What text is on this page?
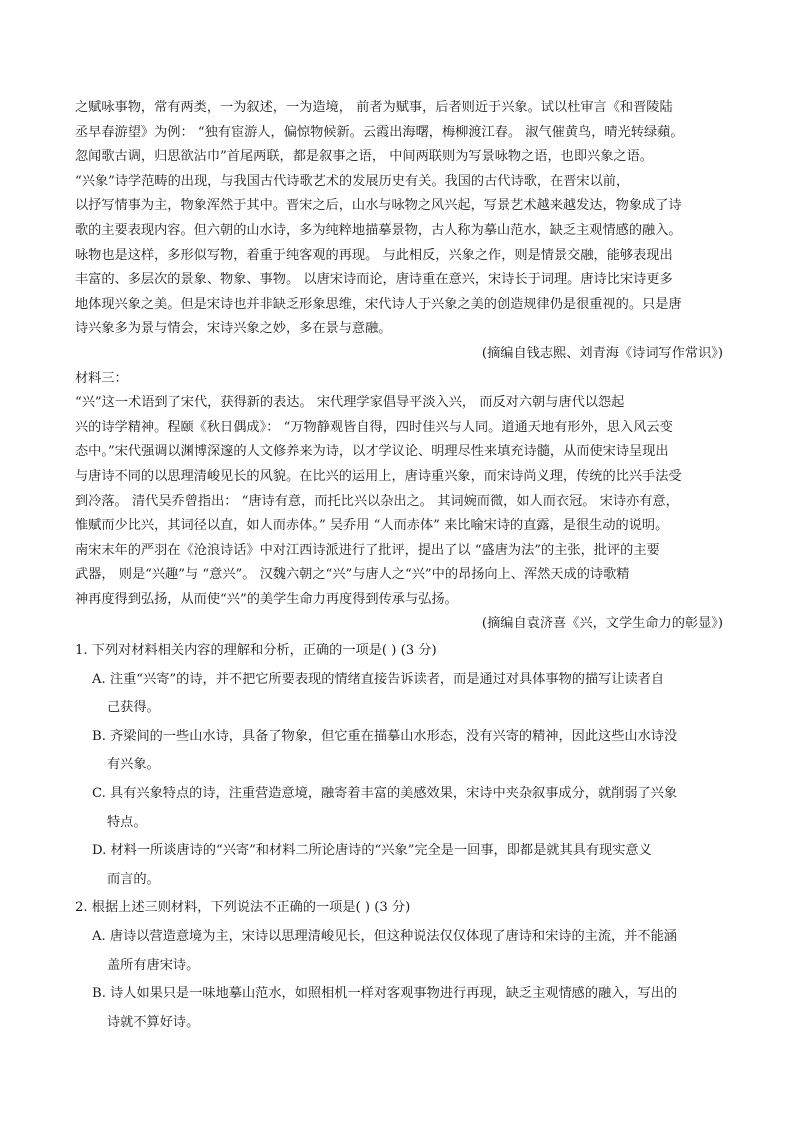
之赋咏事物，常有两类，一为叙述，一为造境， 前者为赋事，后者则近于兴象。试以杜审言《和晋陵陆
丞早春游望》为例： “独有宦游人，偏惊物候新。云霞出海曙，梅柳渡江春。 淑气催黄鸟，晴光转绿蘋。
忽闻歌古调，归思欲沾巾”首尾两联，都是叙事之语， 中间两联则为写景咏物之语，也即兴象之语。
“兴象”诗学范畴的出现，与我国古代诗歌艺术的发展历史有关。我国的古代诗歌，在晋宋以前，
以抒写情事为主，物象浑然于其中。晋宋之后，山水与咏物之风兴起，写景艺术越来越发达，物象成了诗
歌的主要表现内容。但六朝的山水诗，多为纯粹地描摹景物，古人称为摹山范水，缺乏主观情感的融入。
咏物也是这样，多形似写物，着重于纯客观的再现。 与此相反，兴象之作，则是情景交融，能够表现出
丰富的、多层次的景象、物象、事物。 以唐宋诗而论，唐诗重在意兴，宋诗长于词理。唐诗比宋诗更多
地体现兴象之美。但是宋诗也并非缺乏形象思维，宋代诗人于兴象之美的创造规律仍是很重视的。只是唐
诗兴象多为景与情会，宋诗兴象之妙，多在景与意融。
(摘编自钱志熙、刘青海《诗词写作常识》)
材料三：
“兴”这一术语到了宋代，获得新的表达。 宋代理学家倡导平淡入兴， 而反对六朝与唐代以怨起
兴的诗学精神。程颐《秋日偶成》： “万物静观皆自得，四时佳兴与人同。道通天地有形外，思入风云变
态中。”宋代强调以渊博深邃的人文修养来为诗，以才学议论、明理尽性来填充诗髓，从而使宋诗呈现出
与唐诗不同的以思理清峻见长的风貌。在比兴的运用上，唐诗重兴象，而宋诗尚义理，传统的比兴手法受
到冷落。 清代吴乔曾指出： “唐诗有意，而托比兴以杂出之。 其词婉而微，如人而衣冠。 宋诗亦有意，
惟赋而少比兴，其词径以直，如人而赤体。” 吴乔用 “人而赤体” 来比喻宋诗的直露，是很生动的说明。
南宋末年的严羽在《沧浪诗话》中对江西诗派进行了批评，提出了以 “盛唐为法”的主张，批评的主要
武器， 则是“兴趣”与 “意兴”。 汉魏六朝之“兴”与唐人之“兴”中的昂扬向上、浑然天成的诗歌精
神再度得到弘扬，从而使“兴”的美学生命力再度得到传承与弘扬。
(摘编自袁济喜《兴，文学生命力的彰显》)
1. 下列对材料相关内容的理解和分析，正确的一项是( ) (3 分)
A. 注重“兴寄”的诗，并不把它所要表现的情绪直接告诉读者，而是通过对具体事物的描写让读者自
己获得。
B. 齐梁间的一些山水诗，具备了物象，但它重在描摹山水形态，没有兴寄的精神，因此这些山水诗没
有兴象。
C. 具有兴象特点的诗，注重营造意境，融寄着丰富的美感效果，宋诗中夹杂叙事成分，就削弱了兴象
特点。
D. 材料一所谈唐诗的“兴寄”和材料二所论唐诗的“兴象”完全是一回事，即都是就其具有现实意义
而言的。
2. 根据上述三则材料，下列说法不正确的一项是( ) (3 分)
A. 唐诗以营造意境为主，宋诗以思理清峻见长，但这种说法仅仅体现了唐诗和宋诗的主流，并不能涵
盖所有唐宋诗。
B. 诗人如果只是一味地摹山范水，如照相机一样对客观事物进行再现，缺乏主观情感的融入，写出的
诗就不算好诗。
